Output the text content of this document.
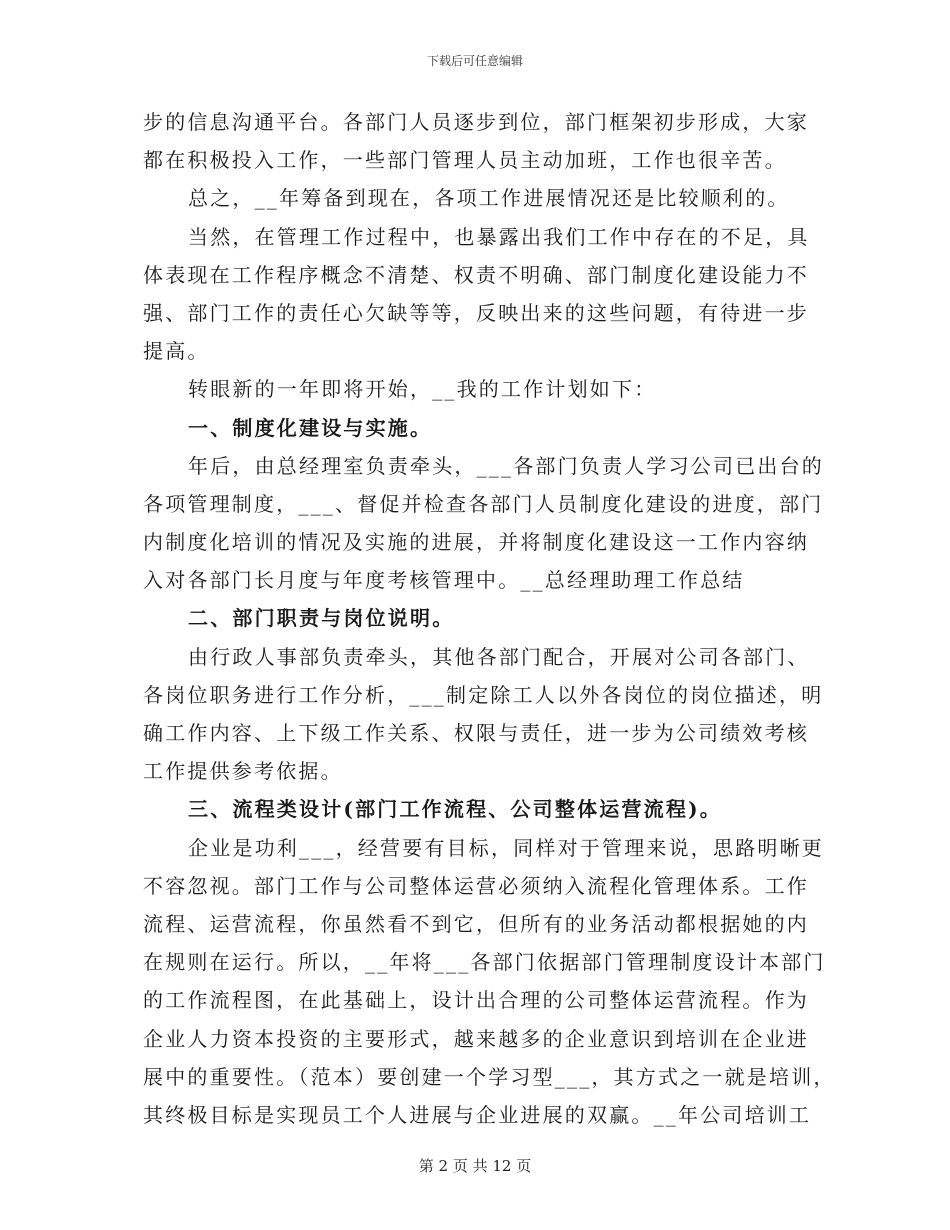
下载后可任意编辑
步的信息沟通平台。各部门人员逐步到位，部门框架初步形成，大家
都在积极投入工作，一些部门管理人员主动加班，工作也很辛苦。
总之，__年筹备到现在，各项工作进展情况还是比较顺利的。
当然，在管理工作过程中，也暴露出我们工作中存在的不足，具
体表现在工作程序概念不清楚、权责不明确、部门制度化建设能力不
强、部门工作的责任心欠缺等等，反映出来的这些问题，有待进一步
提高。
转眼新的一年即将开始，__我的工作计划如下：
一、制度化建设与实施。
年后，由总经理室负责牵头，___各部门负责人学习公司已出台的
各项管理制度，___、督促并检查各部门人员制度化建设的进度，部门
内制度化培训的情况及实施的进展，并将制度化建设这一工作内容纳
入对各部门长月度与年度考核管理中。__总经理助理工作总结
二、部门职责与岗位说明。
由行政人事部负责牵头，其他各部门配合，开展对公司各部门、
各岗位职务进行工作分析，___制定除工人以外各岗位的岗位描述，明
确工作内容、上下级工作关系、权限与责任，进一步为公司绩效考核
工作提供参考依据。
三、流程类设计(部门工作流程、公司整体运营流程)。
企业是功利___，经营要有目标，同样对于管理来说，思路明晰更
不容忽视。部门工作与公司整体运营必须纳入流程化管理体系。工作
流程、运营流程，你虽然看不到它，但所有的业务活动都根据她的内
在规则在运行。所以，__年将___各部门依据部门管理制度设计本部门
的工作流程图，在此基础上，设计出合理的公司整体运营流程。作为
企业人力资本投资的主要形式，越来越多的企业意识到培训在企业进
展中的重要性。（范本）要创建一个学习型___，其方式之一就是培训，
其终极目标是实现员工个人进展与企业进展的双赢。__年公司培训工
第 2 页 共 12 页
